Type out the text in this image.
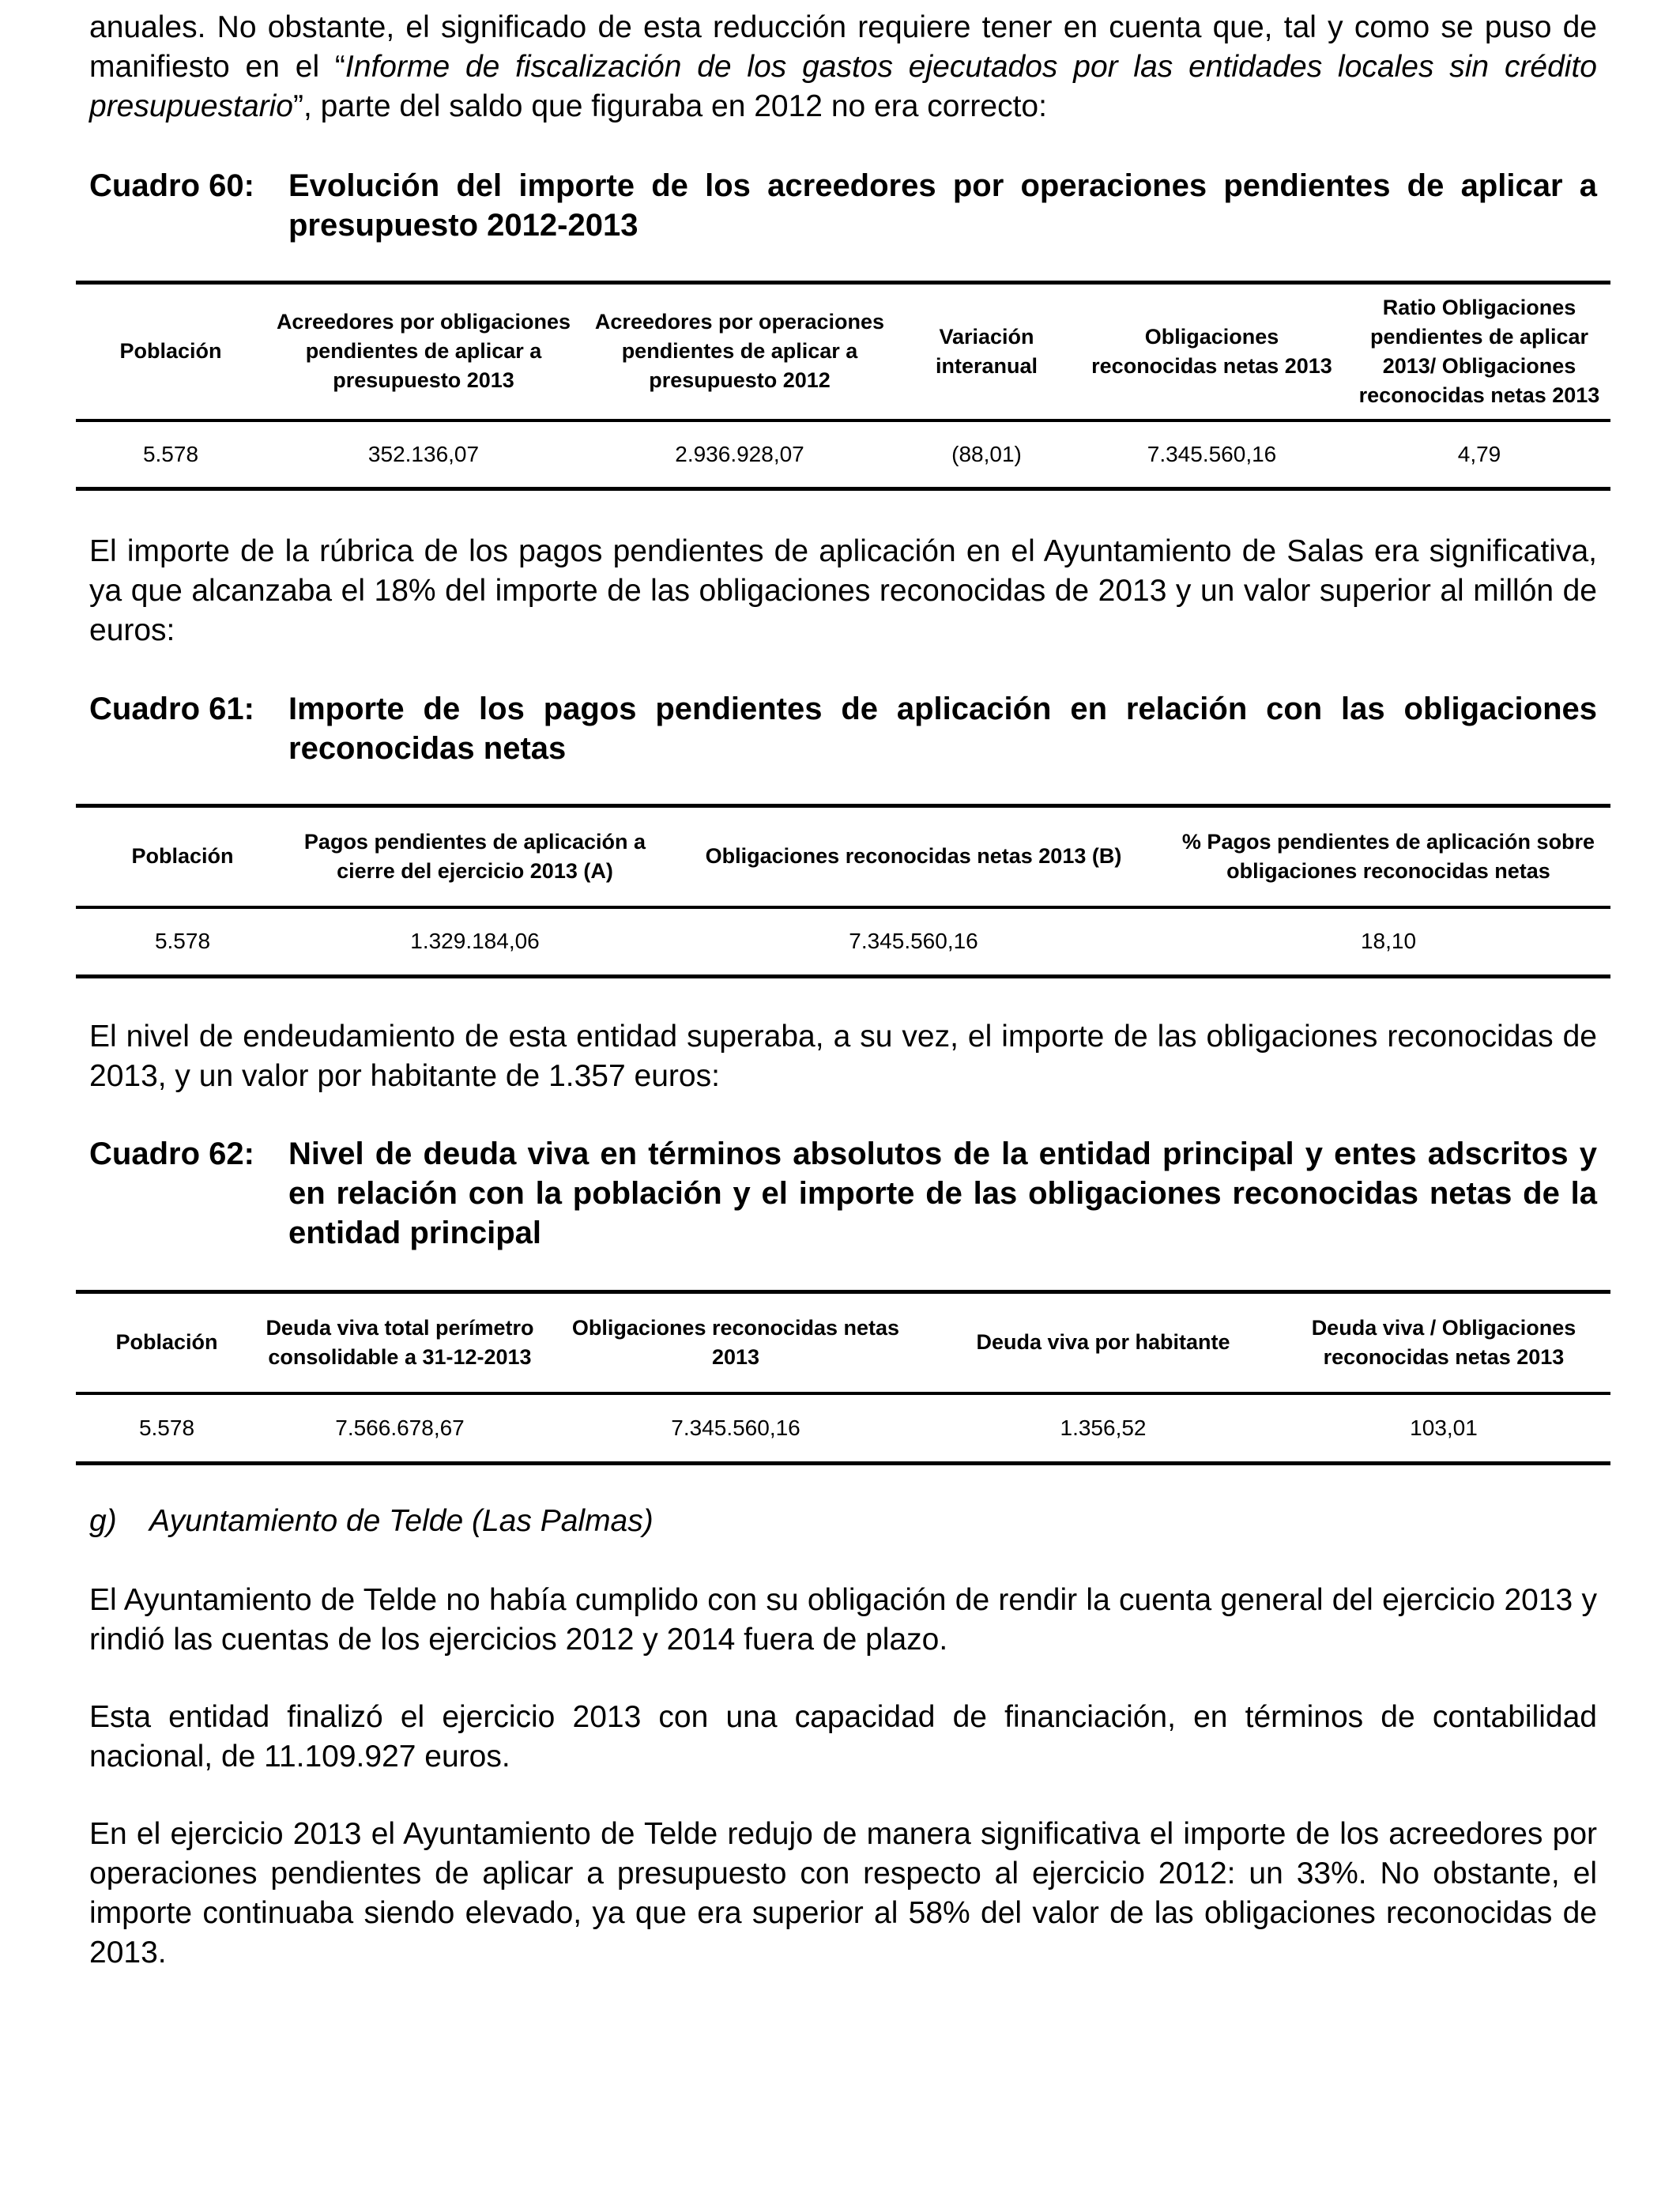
anuales. No obstante, el significado de esta reducción requiere tener en cuenta que, tal y como se puso de manifiesto en el “Informe de fiscalización de los gastos ejecutados por las entidades locales sin crédito presupuestario”, parte del saldo que figuraba en 2012 no era correcto:

Cuadro 60: Evolución del importe de los acreedores por operaciones pendientes de aplicar a presupuesto 2012-2013
Población	Acreedores por obligaciones pendientes de aplicar a presupuesto 2013	Acreedores por operaciones pendientes de aplicar a presupuesto 2012	Variación interanual	Obligaciones reconocidas netas 2013	Ratio Obligaciones pendientes de aplicar 2013/ Obligaciones reconocidas netas 2013
5.578	352.136,07	2.936.928,07	(88,01)	7.345.560,16	4,79

El importe de la rúbrica de los pagos pendientes de aplicación en el Ayuntamiento de Salas era significativa, ya que alcanzaba el 18% del importe de las obligaciones reconocidas de 2013 y un valor superior al millón de euros:

Cuadro 61: Importe de los pagos pendientes de aplicación en relación con las obligaciones reconocidas netas
Población	Pagos pendientes de aplicación a cierre del ejercicio 2013 (A)	Obligaciones reconocidas netas 2013 (B)	% Pagos pendientes de aplicación sobre obligaciones reconocidas netas
5.578	1.329.184,06	7.345.560,16	18,10

El nivel de endeudamiento de esta entidad superaba, a su vez, el importe de las obligaciones reconocidas de 2013, y un valor por habitante de 1.357 euros:

Cuadro 62: Nivel de deuda viva en términos absolutos de la entidad principal y entes adscritos y en relación con la población y el importe de las obligaciones reconocidas netas de la entidad principal
Población	Deuda viva total perímetro consolidable a 31-12-2013	Obligaciones reconocidas netas 2013	Deuda viva por habitante	Deuda viva / Obligaciones reconocidas netas 2013
5.578	7.566.678,67	7.345.560,16	1.356,52	103,01
g) Ayuntamiento de Telde (Las Palmas)

El Ayuntamiento de Telde no había cumplido con su obligación de rendir la cuenta general del ejercicio 2013 y rindió las cuentas de los ejercicios 2012 y 2014 fuera de plazo.

Esta entidad finalizó el ejercicio 2013 con una capacidad de financiación, en términos de contabilidad nacional, de 11.109.927 euros.

En el ejercicio 2013 el Ayuntamiento de Telde redujo de manera significativa el importe de los acreedores por operaciones pendientes de aplicar a presupuesto con respecto al ejercicio 2012: un 33%. No obstante, el importe continuaba siendo elevado, ya que era superior al 58% del valor de las obligaciones reconocidas de 2013.
